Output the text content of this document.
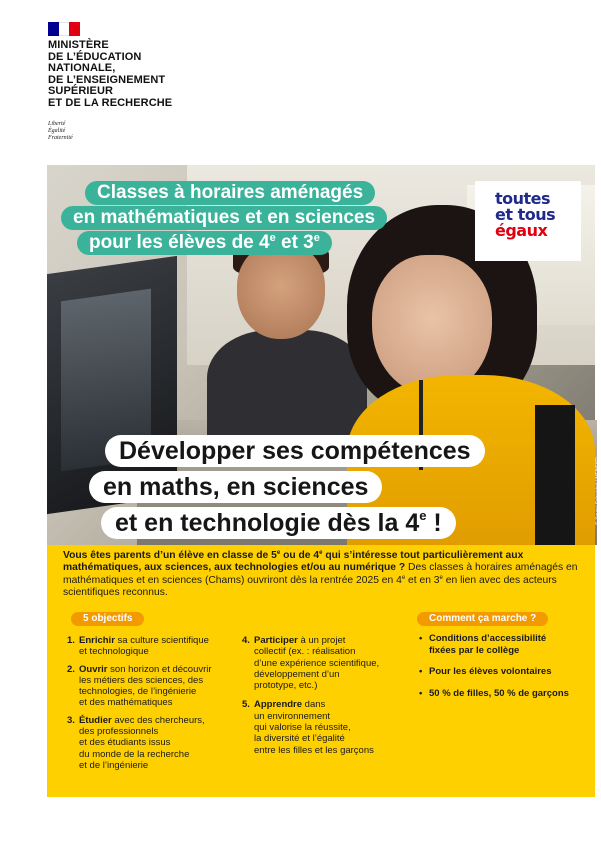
MINISTÈRE
DE L’ÉDUCATION
NATIONALE,
DE L’ENSEIGNEMENT
SUPÉRIEUR
ET DE LA RECHERCHE
Liberté
Égalité
Fraternité
© Xavier Schwebel / MENESR
Classes à horaires aménagés
en mathématiques et en sciences
pour les élèves de 4e et 3e
toutes
et tous
égaux
Développer ses compétences
en maths, en sciences
et en technologie dès la 4e !

Vous êtes parents d’un élève en classe de 5e ou de 4e qui s’intéresse tout particulièrement aux mathématiques, aux sciences, aux technologies et/ou au numérique ? Des classes à horaires aménagés en mathématiques et en sciences (Chams) ouvriront dès la rentrée 2025 en 4e et en 3e en lien avec des acteurs scientifiques reconnus.

5 objectifs	Comment ça marche ?
1. Enrichir sa culture scientifique
et technologique
2. Ouvrir son horizon et découvrir
les métiers des sciences, des
technologies, de l’ingénierie
et des mathématiques
3. Étudier avec des chercheurs,
des professionnels
et des étudiants issus
du monde de la recherche
et de l’ingénierie
4. Participer à un projet
collectif (ex. : réalisation
d’une expérience scientifique,
développement d’un
prototype, etc.)
5. Apprendre dans
un environnement
qui valorise la réussite,
la diversité et l’égalité
entre les filles et les garçons
• Conditions d’accessibilité
fixées par le collège
• Pour les élèves volontaires
• 50 % de filles, 50 % de garçons
